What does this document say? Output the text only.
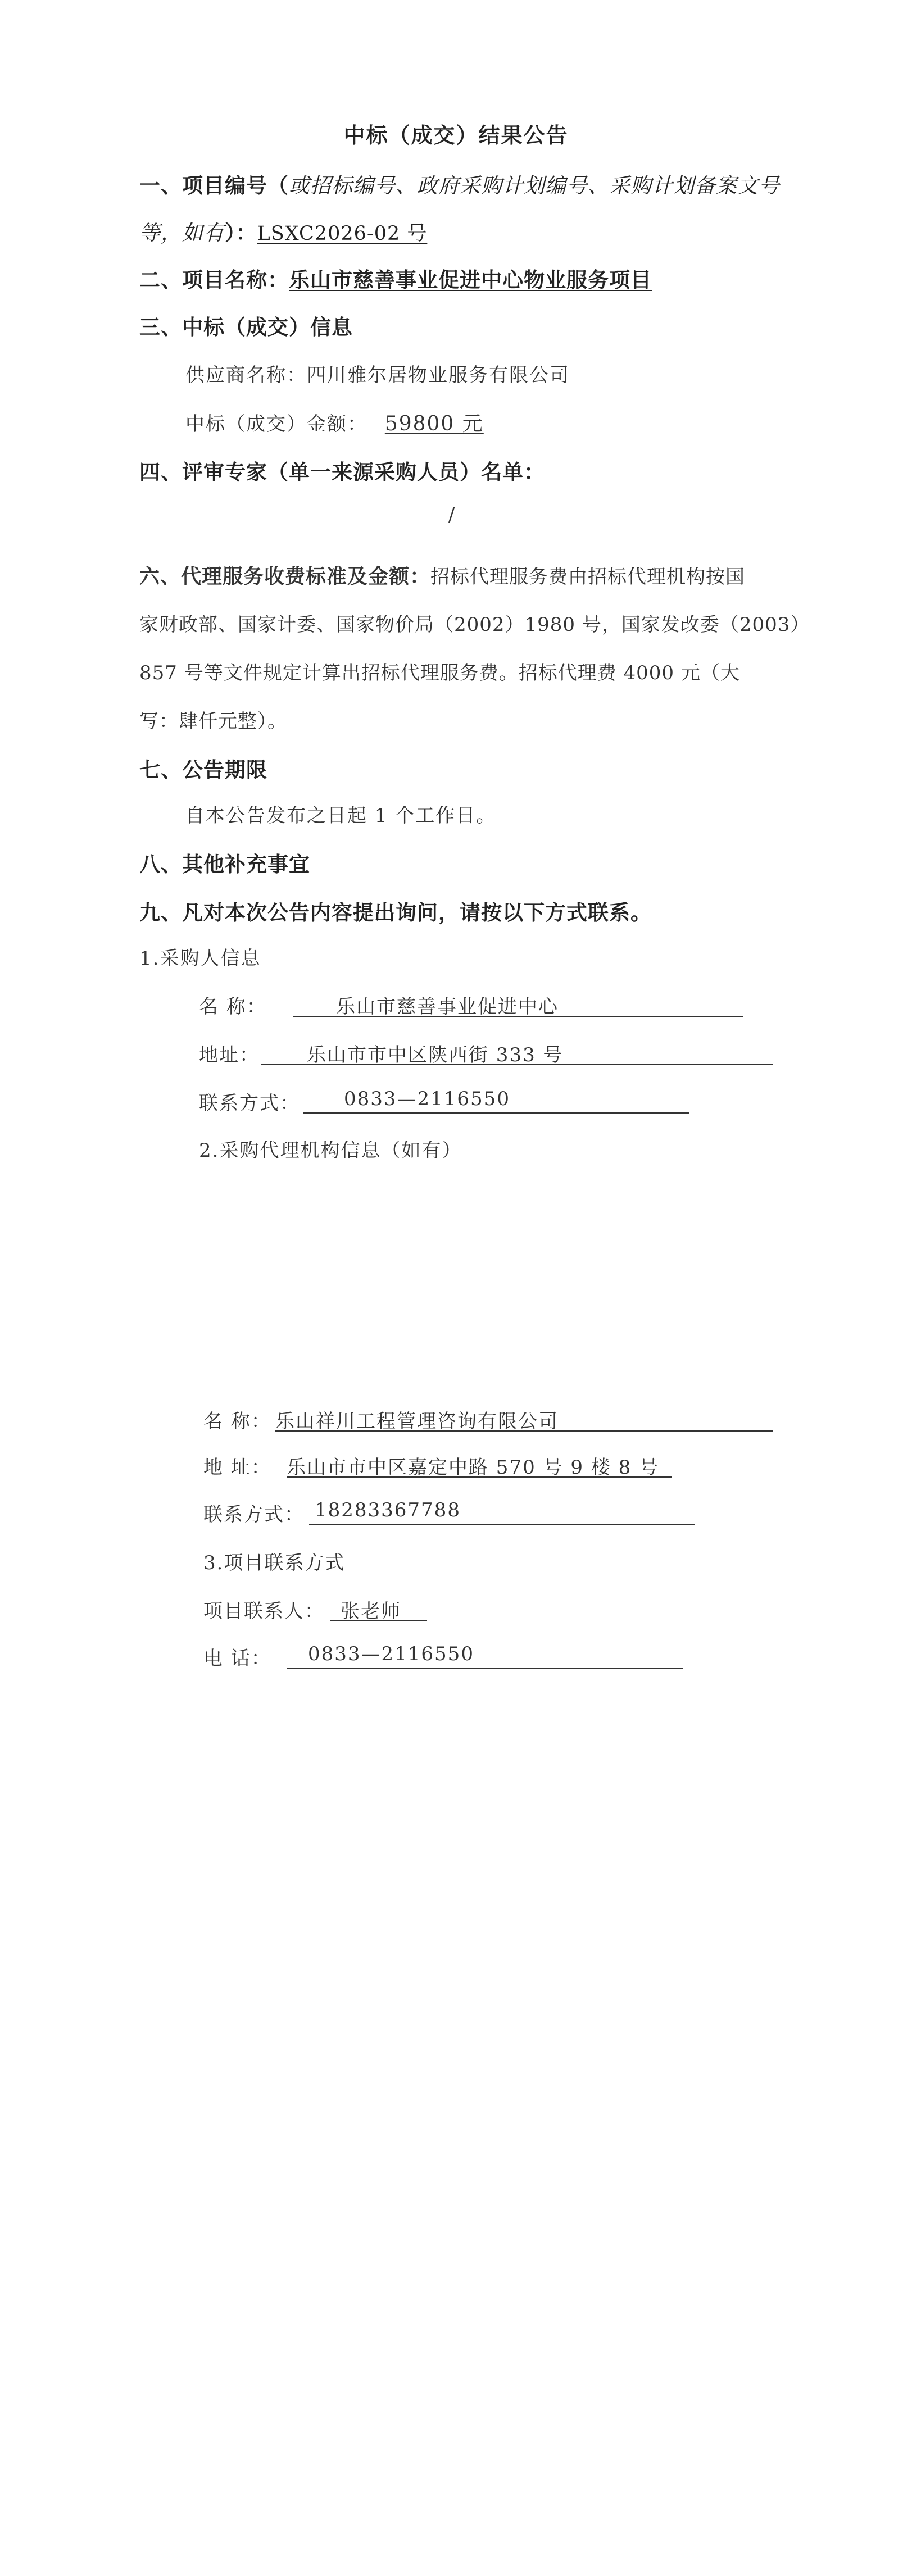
中标（成交）结果公告
一、项目编号（或招标编号、政府采购计划编号、采购计划备案文号
等，如有）：LSXC2026-02 号
二、项目名称：乐山市慈善事业促进中心物业服务项目
三、中标（成交）信息
供应商名称：四川雅尔居物业服务有限公司
中标（成交）金额： 59800 元
四、评审专家（单一来源采购人员）名单：
/
六、代理服务收费标准及金额：招标代理服务费由招标代理机构按国
家财政部、国家计委、国家物价局（2002）1980 号，国家发改委（2003）
857 号等文件规定计算出招标代理服务费。招标代理费 4000 元（大
写：肆仟元整）。
七、公告期限
自本公告发布之日起 1 个工作日。
八、其他补充事宜
九、凡对本次公告内容提出询问，请按以下方式联系。
1.采购人信息
名 称：	乐山市慈善事业促进中心
地址： 乐山市市中区陕西街 333 号
联系方式： 0833—2116550
2.采购代理机构信息（如有）
名 称： 乐山祥川工程管理咨询有限公司
地 址： 乐山市市中区嘉定中路 570 号 9 楼 8 号
联系方式： 18283367788
3.项目联系方式
项目联系人： 张老师
电 话： 0833—2116550
